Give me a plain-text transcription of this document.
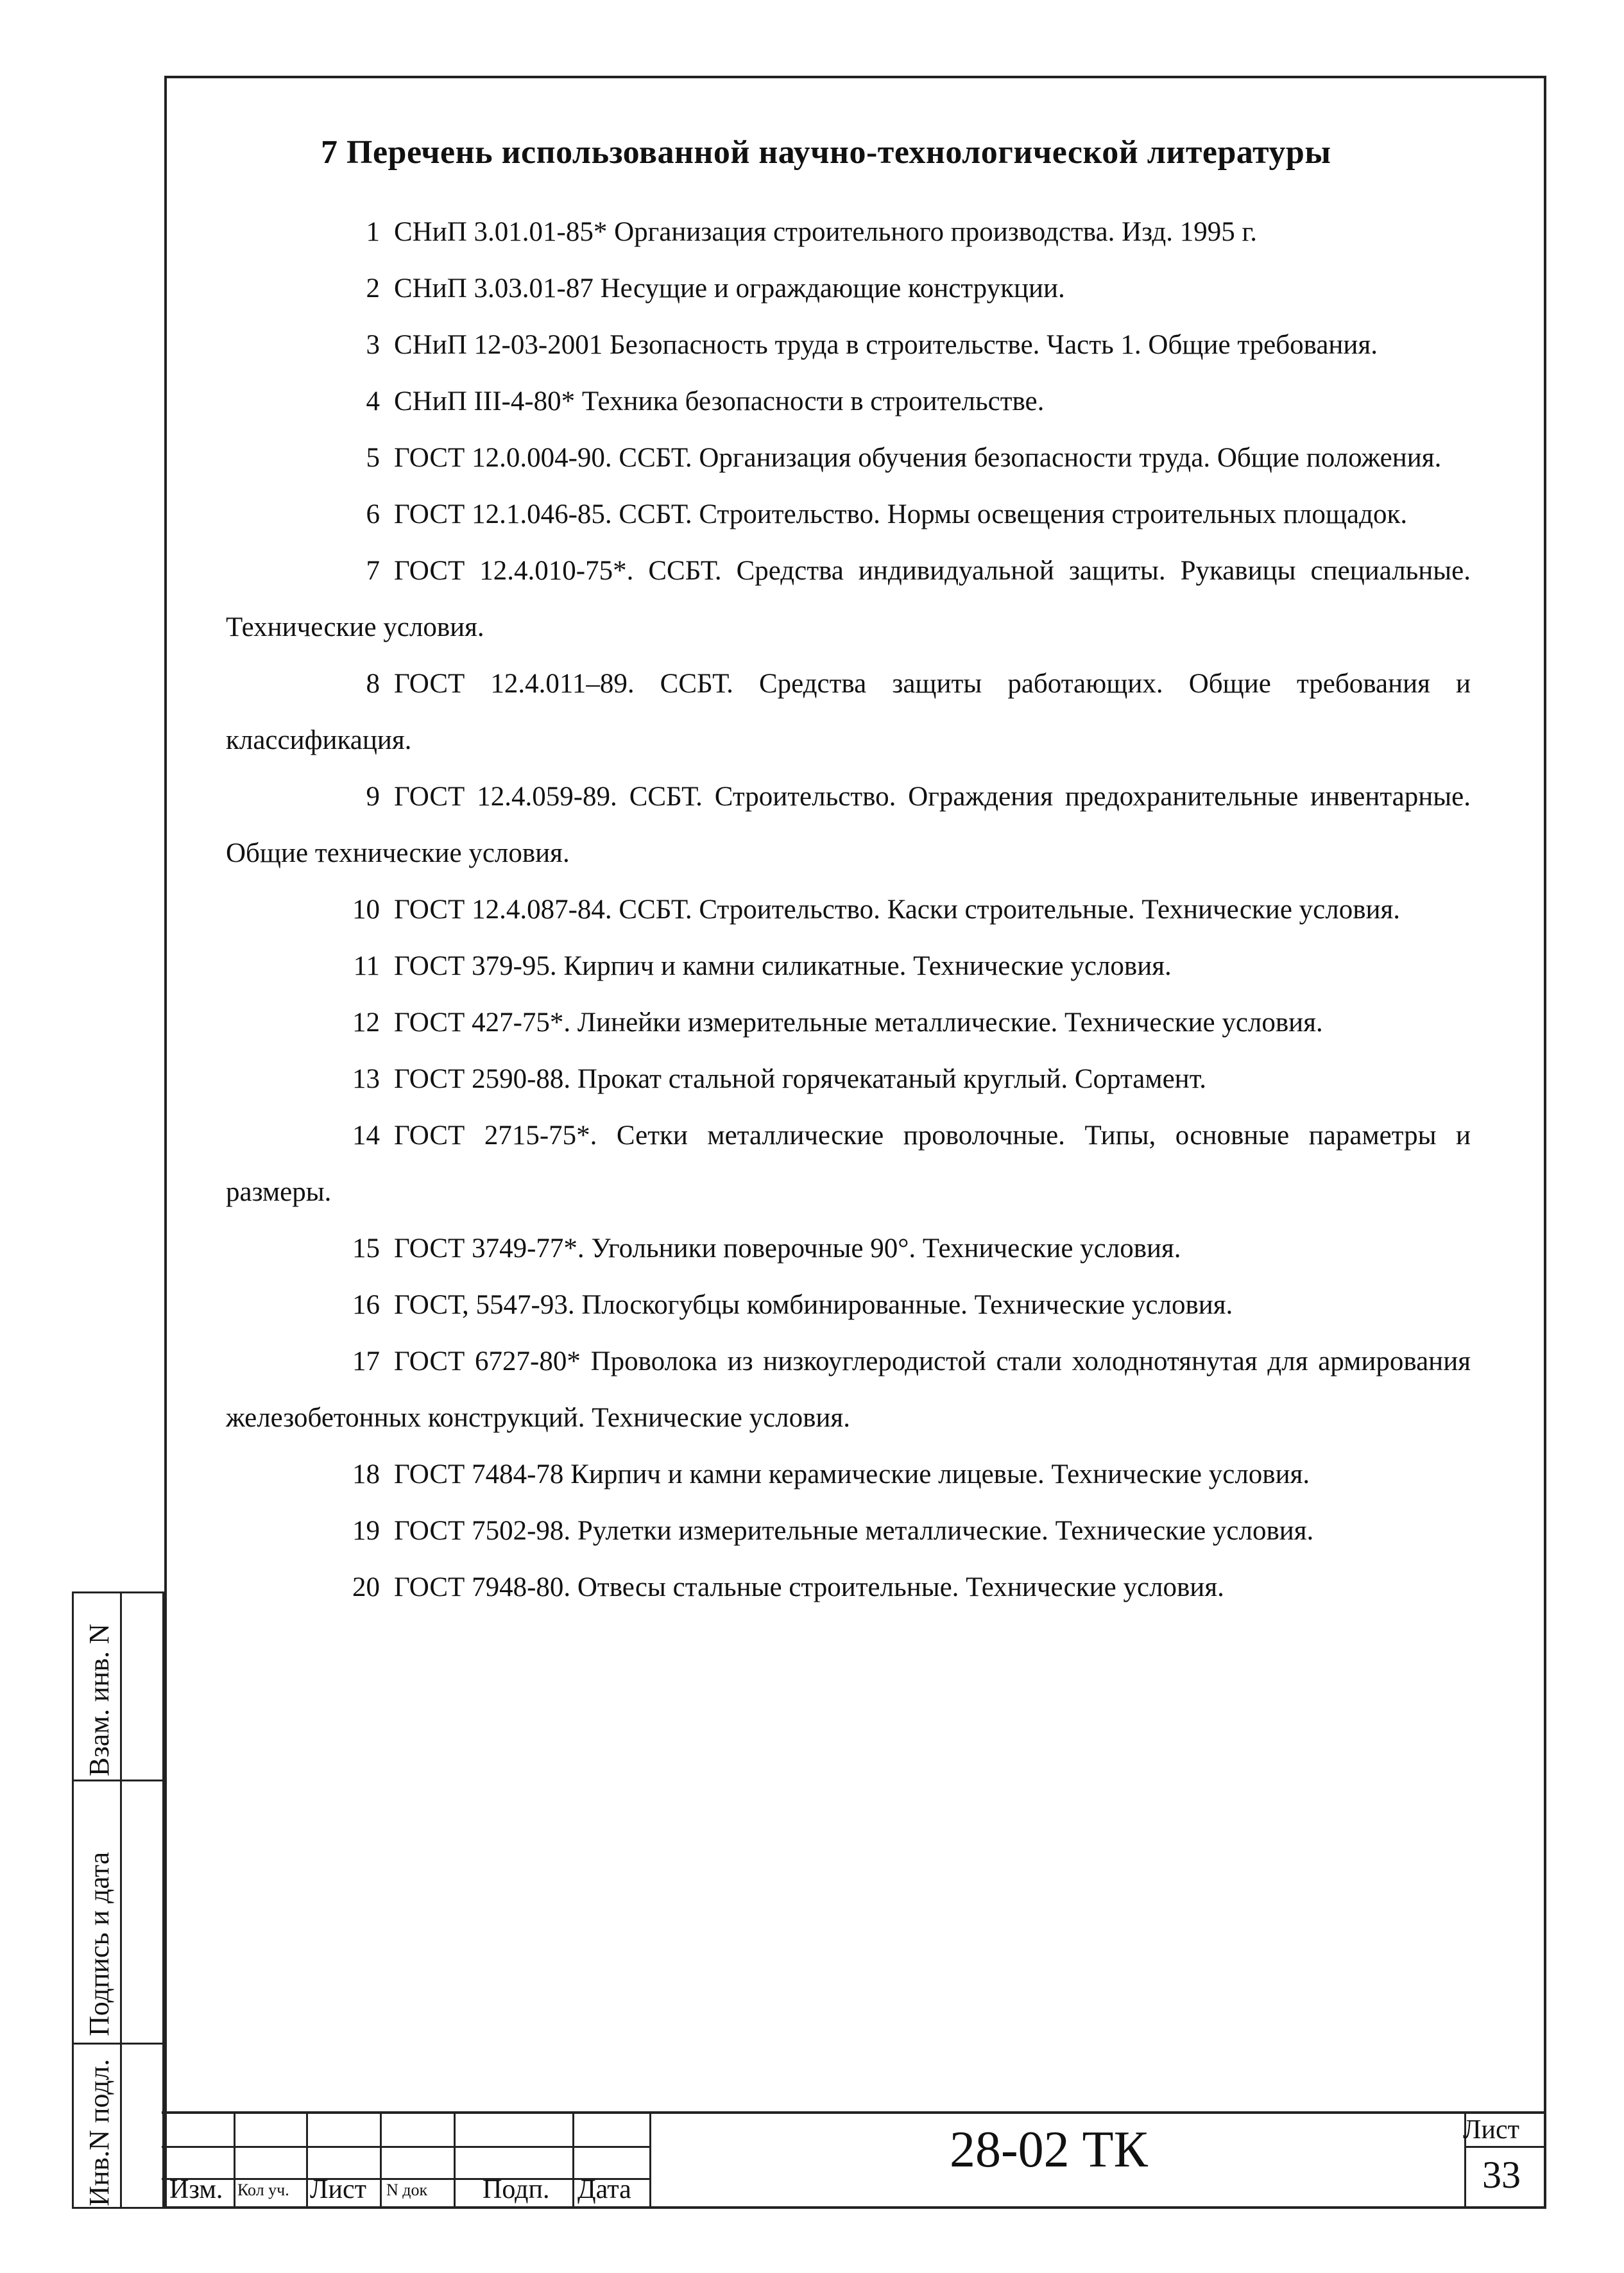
7 Перечень использованной научно-технологической литературы

1 СНиП 3.01.01-85* Организация строительного производства. Изд. 1995 г.

2 СНиП 3.03.01-87 Несущие и ограждающие конструкции.

3 СНиП 12-03-2001 Безопасность труда в строительстве. Часть 1. Общие требования.

4 СНиП III-4-80* Техника безопасности в строительстве.

5 ГОСТ 12.0.004-90. ССБТ. Организация обучения безопасности труда. Общие положения.

6 ГОСТ 12.1.046-85. ССБТ. Строительство. Нормы освещения строительных площадок.

7 ГОСТ 12.4.010-75*. ССБТ. Средства индивидуальной защиты. Рукавицы специальные. Технические условия.

8 ГОСТ 12.4.011–89. ССБТ. Средства защиты работающих. Общие требования и классификация.

9 ГОСТ 12.4.059-89. ССБТ. Строительство. Ограждения предохранительные инвентарные. Общие технические условия.

10 ГОСТ 12.4.087-84. ССБТ. Строительство. Каски строительные. Технические условия.

11 ГОСТ 379-95. Кирпич и камни силикатные. Технические условия.

12 ГОСТ 427-75*. Линейки измерительные металлические. Технические условия.

13 ГОСТ 2590-88. Прокат стальной горячекатаный круглый. Сортамент.

14 ГОСТ 2715-75*. Сетки металлические проволочные. Типы, основные параметры и размеры.

15 ГОСТ 3749-77*. Угольники поверочные 90°. Технические условия.

16 ГОСТ, 5547-93. Плоскогубцы комбинированные. Технические условия.

17 ГОСТ 6727-80* Проволока из низкоуглеродистой стали холоднотянутая для армирования железобетонных конструкций. Технические условия.

18 ГОСТ 7484-78 Кирпич и камни керамические лицевые. Технические условия.

19 ГОСТ 7502-98. Рулетки измерительные металлические. Технические условия.

20 ГОСТ 7948-80. Отвесы стальные строительные. Технические условия.

Взам. инв. N
Подпись и дата
Инв.N подл. Изм. Кол уч. Лист N док Подп. Дата
28-02 ТК	Лист
33
